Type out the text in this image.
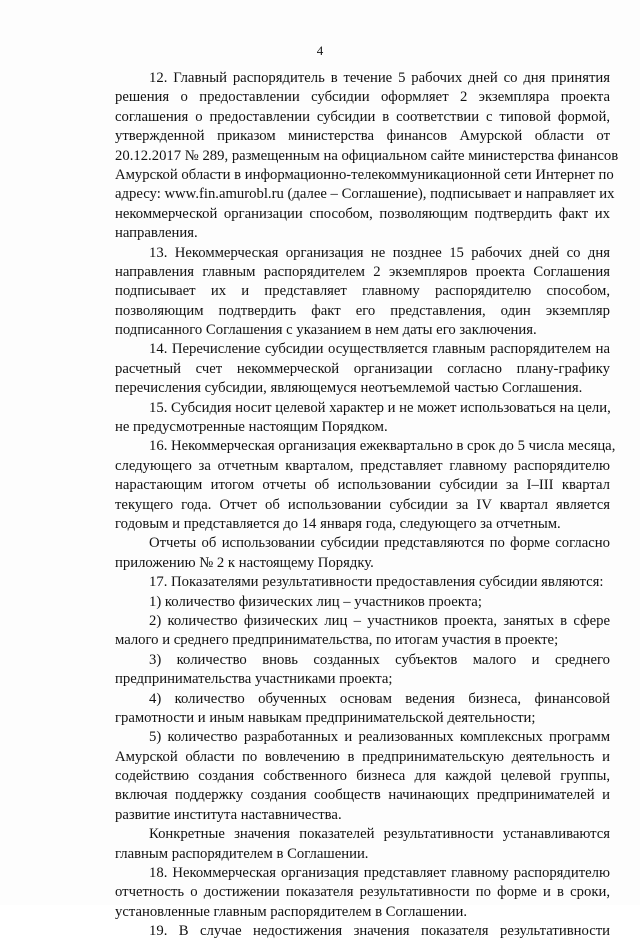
4
12. Главный распорядитель в течение 5 рабочих дней со дня принятия
решения о предоставлении субсидии оформляет 2 экземпляра проекта
соглашения о предоставлении субсидии в соответствии с типовой формой,
утвержденной приказом министерства финансов Амурской области от
20.12.2017 № 289, размещенным на официальном сайте министерства финансов
Амурской области в информационно-телекоммуникационной сети Интернет по
адресу: www.fin.amurobl.ru (далее – Соглашение), подписывает и направляет их
некоммерческой организации способом, позволяющим подтвердить факт их
направления.
13. Некоммерческая организация не позднее 15 рабочих дней со дня
направления главным распорядителем 2 экземпляров проекта Соглашения
подписывает их и представляет главному распорядителю способом,
позволяющим подтвердить факт его представления, один экземпляр
подписанного Соглашения с указанием в нем даты его заключения.
14. Перечисление субсидии осуществляется главным распорядителем на
расчетный счет некоммерческой организации согласно плану-графику
перечисления субсидии, являющемуся неотъемлемой частью Соглашения.
15. Субсидия носит целевой характер и не может использоваться на цели,
не предусмотренные настоящим Порядком.
16. Некоммерческая организация ежеквартально в срок до 5 числа месяца,
следующего за отчетным кварталом, представляет главному распорядителю
нарастающим итогом отчеты об использовании субсидии за I–III квартал
текущего года. Отчет об использовании субсидии за IV квартал является
годовым и представляется до 14 января года, следующего за отчетным.
Отчеты об использовании субсидии представляются по форме согласно
приложению № 2 к настоящему Порядку.
17. Показателями результативности предоставления субсидии являются:
1) количество физических лиц – участников проекта;
2) количество физических лиц – участников проекта, занятых в сфере
малого и среднего предпринимательства, по итогам участия в проекте;
3) количество вновь созданных субъектов малого и среднего
предпринимательства участниками проекта;
4) количество обученных основам ведения бизнеса, финансовой
грамотности и иным навыкам предпринимательской деятельности;
5) количество разработанных и реализованных комплексных программ
Амурской области по вовлечению в предпринимательскую деятельность и
содействию создания собственного бизнеса для каждой целевой группы,
включая поддержку создания сообществ начинающих предпринимателей и
развитие института наставничества.
Конкретные значения показателей результативности устанавливаются
главным распорядителем в Соглашении.
18. Некоммерческая организация представляет главному распорядителю
отчетность о достижении показателя результативности по форме и в сроки,
установленные главным распорядителем в Соглашении.
19. В случае недостижения значения показателя результативности
